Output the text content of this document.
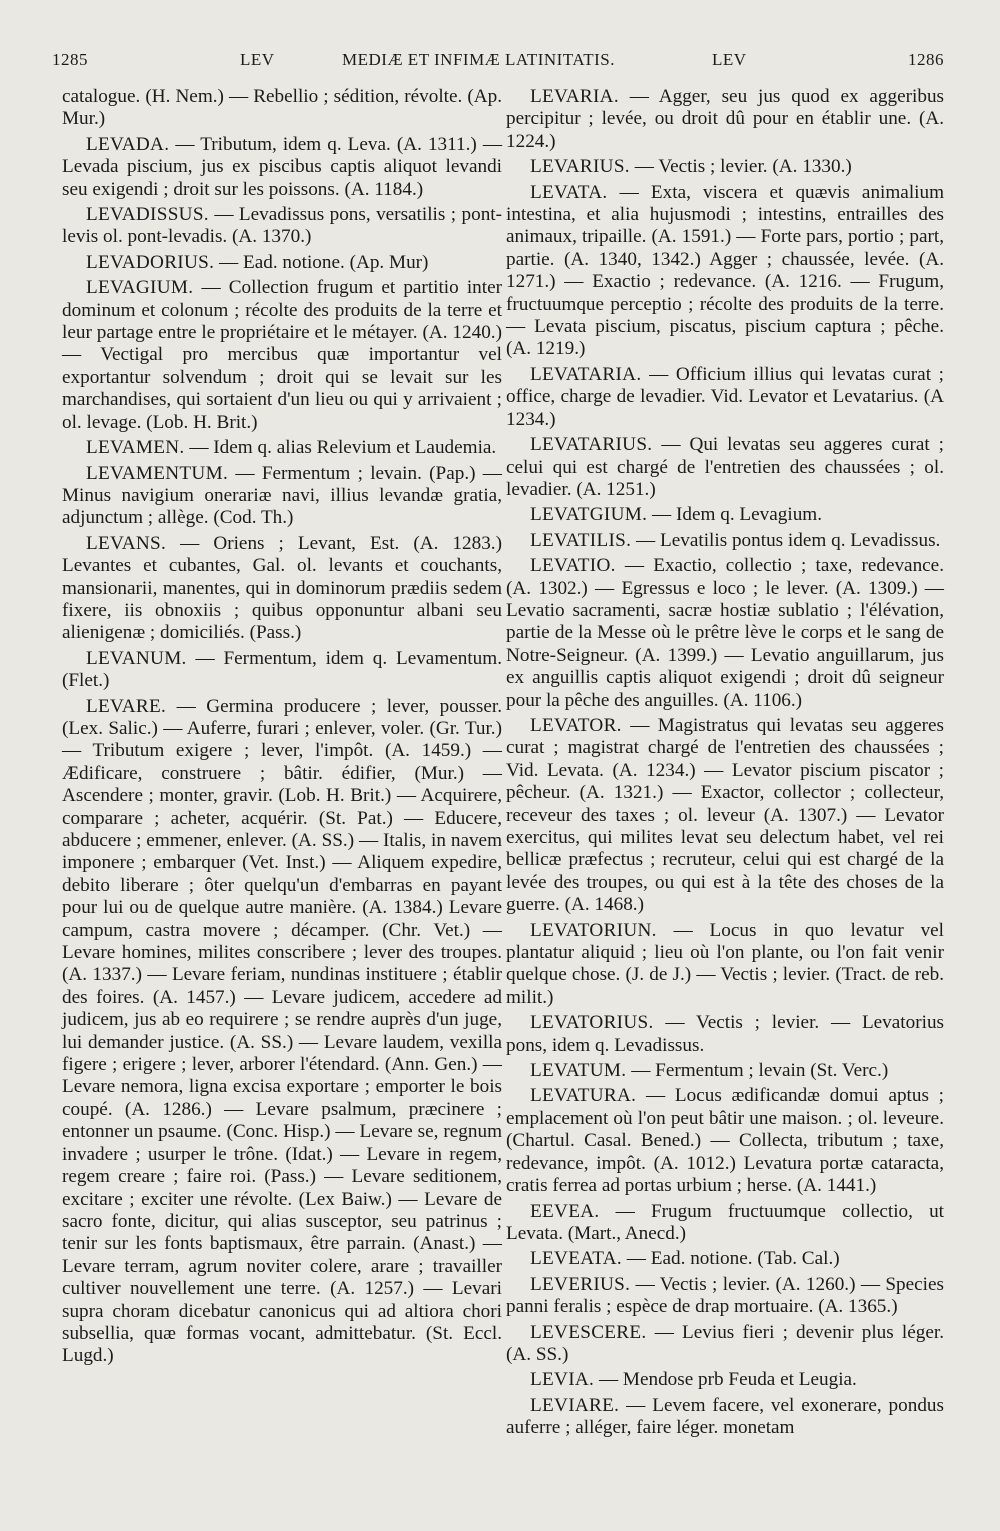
1285	LEV	MEDIÆ ET INFIMÆ LATINITATIS.	LEV	1286

catalogue. (H. Nem.) — Rebellio ; sédition, révolte. (Ap. Mur.)

LEVADA. — Tributum, idem q. Leva. (A. 1311.) — Levada piscium, jus ex piscibus captis aliquot levandi seu exigendi ; droit sur les poissons. (A. 1184.)

LEVADISSUS. — Levadissus pons, versatilis ; pont-levis ol. pont-levadis. (A. 1370.)

LEVADORIUS. — Ead. notione. (Ap. Mur)

LEVAGIUM. — Collection frugum et partitio inter dominum et colonum ; récolte des produits de la terre et leur partage entre le propriétaire et le métayer. (A. 1240.) — Vectigal pro mercibus quæ importantur vel exportantur solvendum ; droit qui se levait sur les marchandises, qui sortaient d'un lieu ou qui y arrivaient ; ol. levage. (Lob. H. Brit.)

LEVAMEN. — Idem q. alias Relevium et Laudemia.

LEVAMENTUM. — Fermentum ; levain. (Pap.) — Minus navigium onerariæ navi, illius levandæ gratia, adjunctum ; allège. (Cod. Th.)

LEVANS. — Oriens ; Levant, Est. (A. 1283.) Levantes et cubantes, Gal. ol. levants et couchants, mansionarii, manentes, qui in dominorum prædiis sedem fixere, iis obnoxiis ; quibus opponuntur albani seu alienigenæ ; domiciliés. (Pass.)

LEVANUM. — Fermentum, idem q. Levamentum. (Flet.)

LEVARE. — Germina producere ; lever, pousser. (Lex. Salic.) — Auferre, furari ; enlever, voler. (Gr. Tur.) — Tributum exigere ; lever, l'impôt. (A. 1459.) — Ædificare, construere ; bâtir. édifier, (Mur.) — Ascendere ; monter, gravir. (Lob. H. Brit.) — Acquirere, comparare ; acheter, acquérir. (St. Pat.) — Educere, abducere ; emmener, enlever. (A. SS.) — Italis, in navem imponere ; embarquer (Vet. Inst.) — Aliquem expedire, debito liberare ; ôter quelqu'un d'embarras en payant pour lui ou de quelque autre manière. (A. 1384.) Levare campum, castra movere ; décamper. (Chr. Vet.) — Levare homines, milites conscribere ; lever des troupes. (A. 1337.) — Levare feriam, nundinas instituere ; établir des foires. (A. 1457.) — Levare judicem, accedere ad judicem, jus ab eo requirere ; se rendre auprès d'un juge, lui demander justice. (A. SS.) — Levare laudem, vexilla figere ; erigere ; lever, arborer l'étendard. (Ann. Gen.) — Levare nemora, ligna excisa exportare ; emporter le bois coupé. (A. 1286.) — Levare psalmum, præcinere ; entonner un psaume. (Conc. Hisp.) — Levare se, regnum invadere ; usurper le trône. (Idat.) — Levare in regem, regem creare ; faire roi. (Pass.) — Levare seditionem, excitare ; exciter une révolte. (Lex Baiw.) — Levare de sacro fonte, dicitur, qui alias susceptor, seu patrinus ; tenir sur les fonts baptismaux, être parrain. (Anast.) — Levare terram, agrum noviter colere, arare ; travailler cultiver nouvellement une terre. (A. 1257.) — Levari supra choram dicebatur canonicus qui ad altiora chori subsellia, quæ formas vocant, admittebatur. (St. Eccl. Lugd.)

LEVARIA. — Agger, seu jus quod ex aggeribus percipitur ; levée, ou droit dû pour en établir une. (A. 1224.)

LEVARIUS. — Vectis ; levier. (A. 1330.)

LEVATA. — Exta, viscera et quævis animalium intestina, et alia hujusmodi ; intestins, entrailles des animaux, tripaille. (A. 1591.) — Forte pars, portio ; part, partie. (A. 1340, 1342.) Agger ; chaussée, levée. (A. 1271.) — Exactio ; redevance. (A. 1216. — Frugum, fructuumque perceptio ; récolte des produits de la terre. — Levata piscium, piscatus, piscium captura ; pêche. (A. 1219.)

LEVATARIA. — Officium illius qui levatas curat ; office, charge de levadier. Vid. Levator et Levatarius. (A 1234.)

LEVATARIUS. — Qui levatas seu aggeres curat ; celui qui est chargé de l'entretien des chaussées ; ol. levadier. (A. 1251.)

LEVATGIUM. — Idem q. Levagium.

LEVATILIS. — Levatilis pontus idem q. Levadissus.

LEVATIO. — Exactio, collectio ; taxe, redevance. (A. 1302.) — Egressus e loco ; le lever. (A. 1309.) — Levatio sacramenti, sacræ hostiæ sublatio ; l'élévation, partie de la Messe où le prêtre lève le corps et le sang de Notre-Seigneur. (A. 1399.) — Levatio anguillarum, jus ex anguillis captis aliquot exigendi ; droit dû seigneur pour la pêche des anguilles. (A. 1106.)

LEVATOR. — Magistratus qui levatas seu aggeres curat ; magistrat chargé de l'entretien des chaussées ; Vid. Levata. (A. 1234.) — Levator piscium piscator ; pêcheur. (A. 1321.) — Exactor, collector ; collecteur, receveur des taxes ; ol. leveur (A. 1307.) — Levator exercitus, qui milites levat seu delectum habet, vel rei bellicæ præfectus ; recruteur, celui qui est chargé de la levée des troupes, ou qui est à la tête des choses de la guerre. (A. 1468.)

LEVATORIUN. — Locus in quo levatur vel plantatur aliquid ; lieu où l'on plante, ou l'on fait venir quelque chose. (J. de J.) — Vectis ; levier. (Tract. de reb. milit.)

LEVATORIUS. — Vectis ; levier. — Levatorius pons, idem q. Levadissus.

LEVATUM. — Fermentum ; levain (St. Verc.)

LEVATURA. — Locus ædificandæ domui aptus ; emplacement où l'on peut bâtir une maison. ; ol. leveure. (Chartul. Casal. Bened.) — Collecta, tributum ; taxe, redevance, impôt. (A. 1012.) Levatura portæ cataracta, cratis ferrea ad portas urbium ; herse. (A. 1441.)

EEVEA. — Frugum fructuumque collectio, ut Levata. (Mart., Anecd.)

LEVEATA. — Ead. notione. (Tab. Cal.)

LEVERIUS. — Vectis ; levier. (A. 1260.) — Species panni feralis ; espèce de drap mortuaire. (A. 1365.)

LEVESCERE. — Levius fieri ; devenir plus léger. (A. SS.)

LEVIA. — Mendose prb Feuda et Leugia.

LEVIARE. — Levem facere, vel exonerare, pondus auferre ; alléger, faire léger. monetam
